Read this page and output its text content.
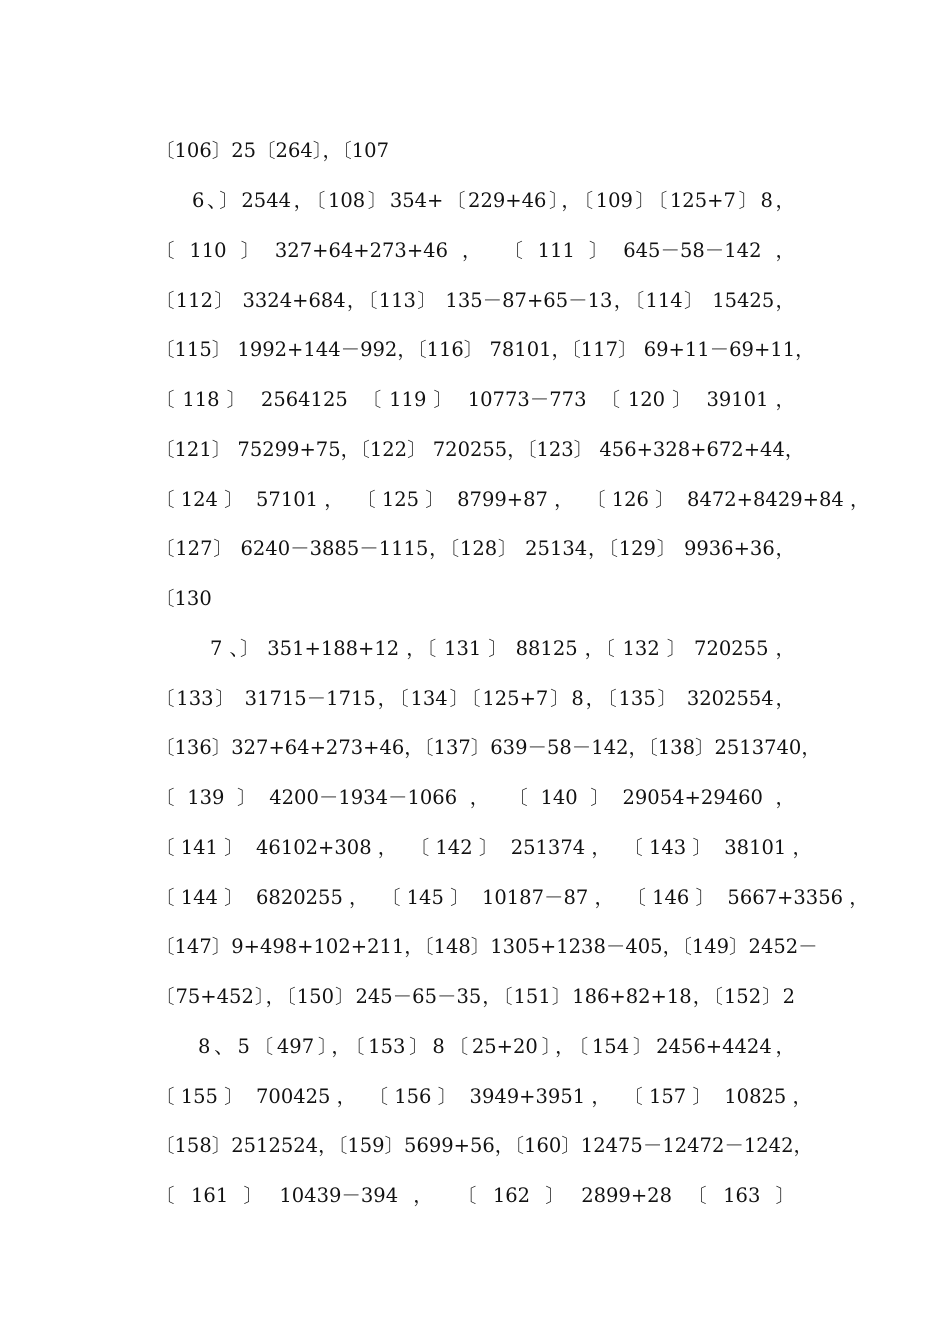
〔106〕25〔264〕，〔107
6、〕2544，〔108〕354+〔229+46〕，〔109〕〔125+7〕8，
〔  110  〕  327+64+273+46  ，   〔  111  〕  645－58－142  ，
〔112〕 3324+684，〔113〕 135－87+65－13，〔114〕 15425，
〔115〕 1992+144－992，〔116〕 78101，〔117〕 69+11－69+11，
〔 118 〕  2564125  〔 119 〕  10773－773  〔 120 〕  39101 ，
〔121〕 75299+75，〔122〕 720255，〔123〕 456+328+672+44，
〔 124 〕  57101 ，  〔 125 〕  8799+87 ，  〔 126 〕  8472+8429+84 ，
〔127〕 6240－3885－1115，〔128〕 25134，〔129〕 9936+36，
〔130
7 、〕 351+188+12 ，〔 131 〕 88125 ，〔 132 〕 720255 ，
〔133〕 31715－1715，〔134〕〔125+7〕8，〔135〕 3202554，
〔136〕327+64+273+46，〔137〕639－58－142，〔138〕2513740，
〔  139  〕  4200－1934－1066  ，   〔  140  〕  29054+29460  ，
〔 141 〕  46102+308 ，  〔 142 〕  251374 ，  〔 143 〕  38101 ，
〔 144 〕  6820255 ，  〔 145 〕  10187－87 ，  〔 146 〕  5667+3356 ，
〔147〕9+498+102+211，〔148〕1305+1238－405，〔149〕2452－
〔75+452〕，〔150〕245－65－35，〔151〕186+82+18，〔152〕2
8、5〔497〕，〔153〕8〔25+20〕，〔154〕2456+4424，
〔 155 〕  700425 ，  〔 156 〕  3949+3951 ，  〔 157 〕  10825 ，
〔158〕2512524，〔159〕5699+56，〔160〕12475－12472－1242，
〔  161  〕  10439－394  ，   〔  162  〕  2899+28  〔  163  〕
